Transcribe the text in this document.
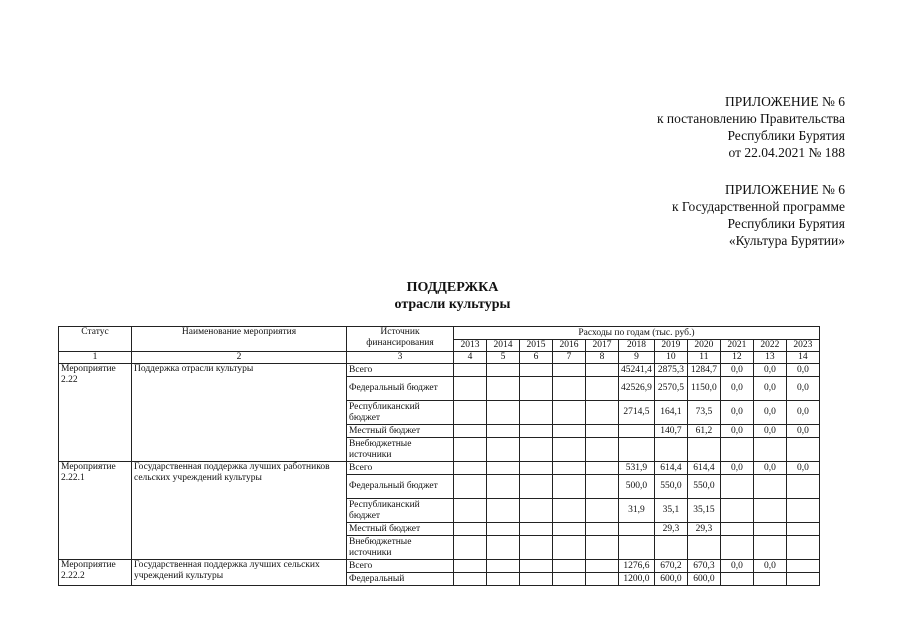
ПРИЛОЖЕНИЕ № 6
к постановлению Правительства
Республики Бурятия
от 22.04.2021 № 188
ПРИЛОЖЕНИЕ № 6
к Государственной программе
Республики Бурятия
«Культура Бурятии»
ПОДДЕРЖКА
отрасли культуры
Статус	Наименование мероприятия	Источник финансирования	Расходы по годам (тыс. руб.)										
			2013	2014	2015	2016	2017	2018	2019	2020	2021	2022	2023
1	2	3	4	5	6	7	8	9	10	11	12	13	14
Мероприятие 2.22	Поддержка отрасли культуры	Всего						45241,4	2875,3	1284,7	0,0	0,0	0,0
		Федеральный бюджет						42526,9	2570,5	1150,0	0,0	0,0	0,0
		Республиканский бюджет						2714,5	164,1	73,5	0,0	0,0	0,0
		Местный бюджет							140,7	61,2	0,0	0,0	0,0
		Внебюджетные источники											
Мероприятие 2.22.1	Государственная поддержка лучших работников сельских учреждений культуры	Всего						531,9	614,4	614,4	0,0	0,0	0,0
		Федеральный бюджет						500,0	550,0	550,0			
		Республиканский бюджет						31,9	35,1	35,15			
		Местный бюджет							29,3	29,3			
		Внебюджетные источники											
Мероприятие 2.22.2	Государственная поддержка лучших сельских учреждений культуры	Всего						1276,6	670,2	670,3	0,0	0,0	
		Федеральный						1200,0	600,0	600,0			
